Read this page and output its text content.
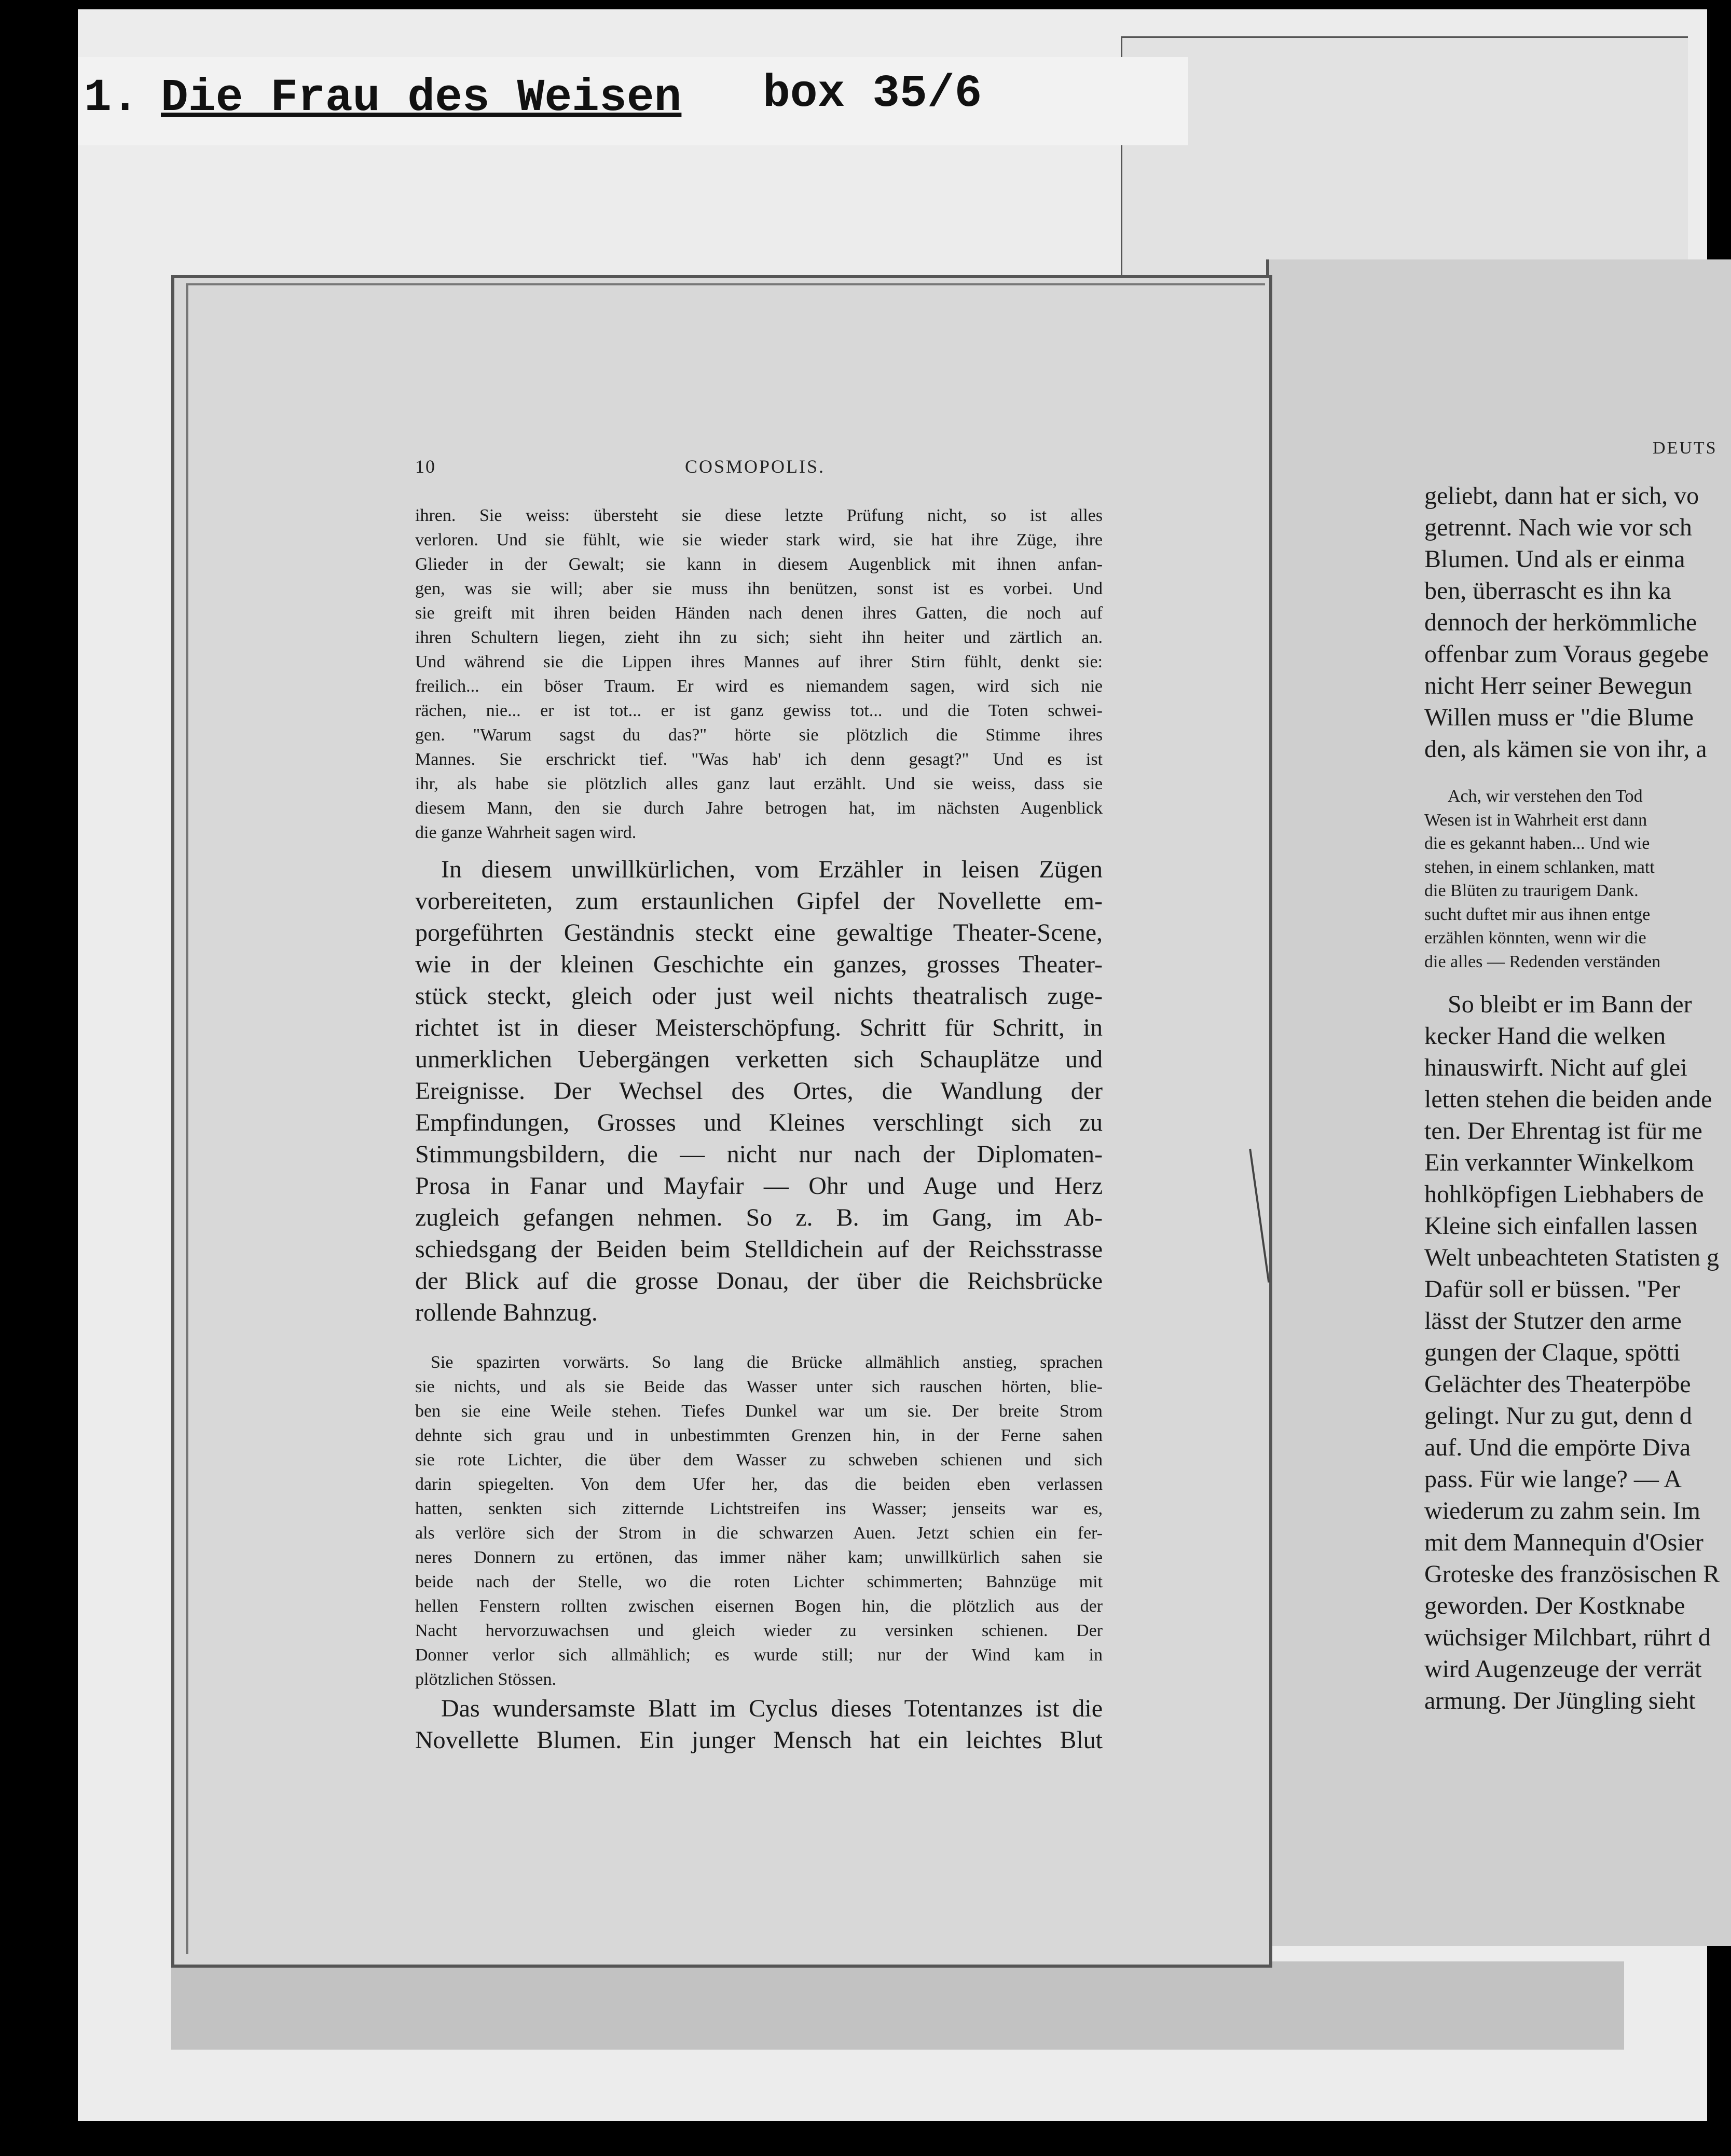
1. Die Frau des Weisen box 35/6
10	COSMOPOLIS.

ihren. Sie weiss: übersteht sie diese letzte Prüfung nicht, so ist alles
verloren. Und sie fühlt, wie sie wieder stark wird, sie hat ihre Züge, ihre
Glieder in der Gewalt; sie kann in diesem Augenblick mit ihnen anfan-
gen, was sie will; aber sie muss ihn benützen, sonst ist es vorbei. Und
sie greift mit ihren beiden Händen nach denen ihres Gatten, die noch auf
ihren Schultern liegen, zieht ihn zu sich; sieht ihn heiter und zärtlich an.
Und während sie die Lippen ihres Mannes auf ihrer Stirn fühlt, denkt sie:
freilich... ein böser Traum. Er wird es niemandem sagen, wird sich nie
rächen, nie... er ist tot... er ist ganz gewiss tot... und die Toten schwei-
gen. "Warum sagst du das?" hörte sie plötzlich die Stimme ihres
Mannes. Sie erschrickt tief. "Was hab' ich denn gesagt?" Und es ist
ihr, als habe sie plötzlich alles ganz laut erzählt. Und sie weiss, dass sie
diesem Mann, den sie durch Jahre betrogen hat, im nächsten Augenblick
die ganze Wahrheit sagen wird.

In diesem unwillkürlichen, vom Erzähler in leisen Zügen
vorbereiteten, zum erstaunlichen Gipfel der Novellette em-
porgeführten Geständnis steckt eine gewaltige Theater-Scene,
wie in der kleinen Geschichte ein ganzes, grosses Theater-
stück steckt, gleich oder just weil nichts theatralisch zuge-
richtet ist in dieser Meisterschöpfung. Schritt für Schritt, in
unmerklichen Uebergängen verketten sich Schauplätze und
Ereignisse. Der Wechsel des Ortes, die Wandlung der
Empfindungen, Grosses und Kleines verschlingt sich zu
Stimmungsbildern, die — nicht nur nach der Diplomaten-
Prosa in Fanar und Mayfair — Ohr und Auge und Herz
zugleich gefangen nehmen. So z. B. im Gang, im Ab-
schiedsgang der Beiden beim Stelldichein auf der Reichsstrasse
der Blick auf die grosse Donau, der über die Reichsbrücke
rollende Bahnzug.

Sie spazirten vorwärts. So lang die Brücke allmählich anstieg, sprachen
sie nichts, und als sie Beide das Wasser unter sich rauschen hörten, blie-
ben sie eine Weile stehen. Tiefes Dunkel war um sie. Der breite Strom
dehnte sich grau und in unbestimmten Grenzen hin, in der Ferne sahen
sie rote Lichter, die über dem Wasser zu schweben schienen und sich
darin spiegelten. Von dem Ufer her, das die beiden eben verlassen
hatten, senkten sich zitternde Lichtstreifen ins Wasser; jenseits war es,
als verlöre sich der Strom in die schwarzen Auen. Jetzt schien ein fer-
neres Donnern zu ertönen, das immer näher kam; unwillkürlich sahen sie
beide nach der Stelle, wo die roten Lichter schimmerten; Bahnzüge mit
hellen Fenstern rollten zwischen eisernen Bogen hin, die plötzlich aus der
Nacht hervorzuwachsen und gleich wieder zu versinken schienen. Der
Donner verlor sich allmählich; es wurde still; nur der Wind kam in
plötzlichen Stössen.

Das wundersamste Blatt im Cyclus dieses Totentanzes ist die
Novellette Blumen. Ein junger Mensch hat ein leichtes Blut

DEUTS
geliebt, dann hat er sich, vo
getrennt. Nach wie vor sch
Blumen. Und als er einma
ben, überrascht es ihn ka
dennoch der herkömmliche
offenbar zum Voraus gegebe
nicht Herr seiner Bewegun
Willen muss er "die Blume
den, als kämen sie von ihr, a
Ach, wir verstehen den Tod
Wesen ist in Wahrheit erst dann
die es gekannt haben... Und wie
stehen, in einem schlanken, matt
die Blüten zu traurigem Dank.
sucht duftet mir aus ihnen entge
erzählen könnten, wenn wir die
die alles — Redenden verständen
So bleibt er im Bann der
kecker Hand die welken
hinauswirft. Nicht auf glei
letten stehen die beiden ande
ten. Der Ehrentag ist für me
Ein verkannter Winkelkom
hohlköpfigen Liebhabers de
Kleine sich einfallen lassen
Welt unbeachteten Statisten g
Dafür soll er büssen. "Per
lässt der Stutzer den arme
gungen der Claque, spötti
Gelächter des Theaterpöbe
gelingt. Nur zu gut, denn d
auf. Und die empörte Diva
pass. Für wie lange? — A
wiederum zu zahm sein. Im
mit dem Mannequin d'Osier
Groteske des französischen R
geworden. Der Kostknabe
wüchsiger Milchbart, rührt d
wird Augenzeuge der verrät
armung. Der Jüngling sieht
